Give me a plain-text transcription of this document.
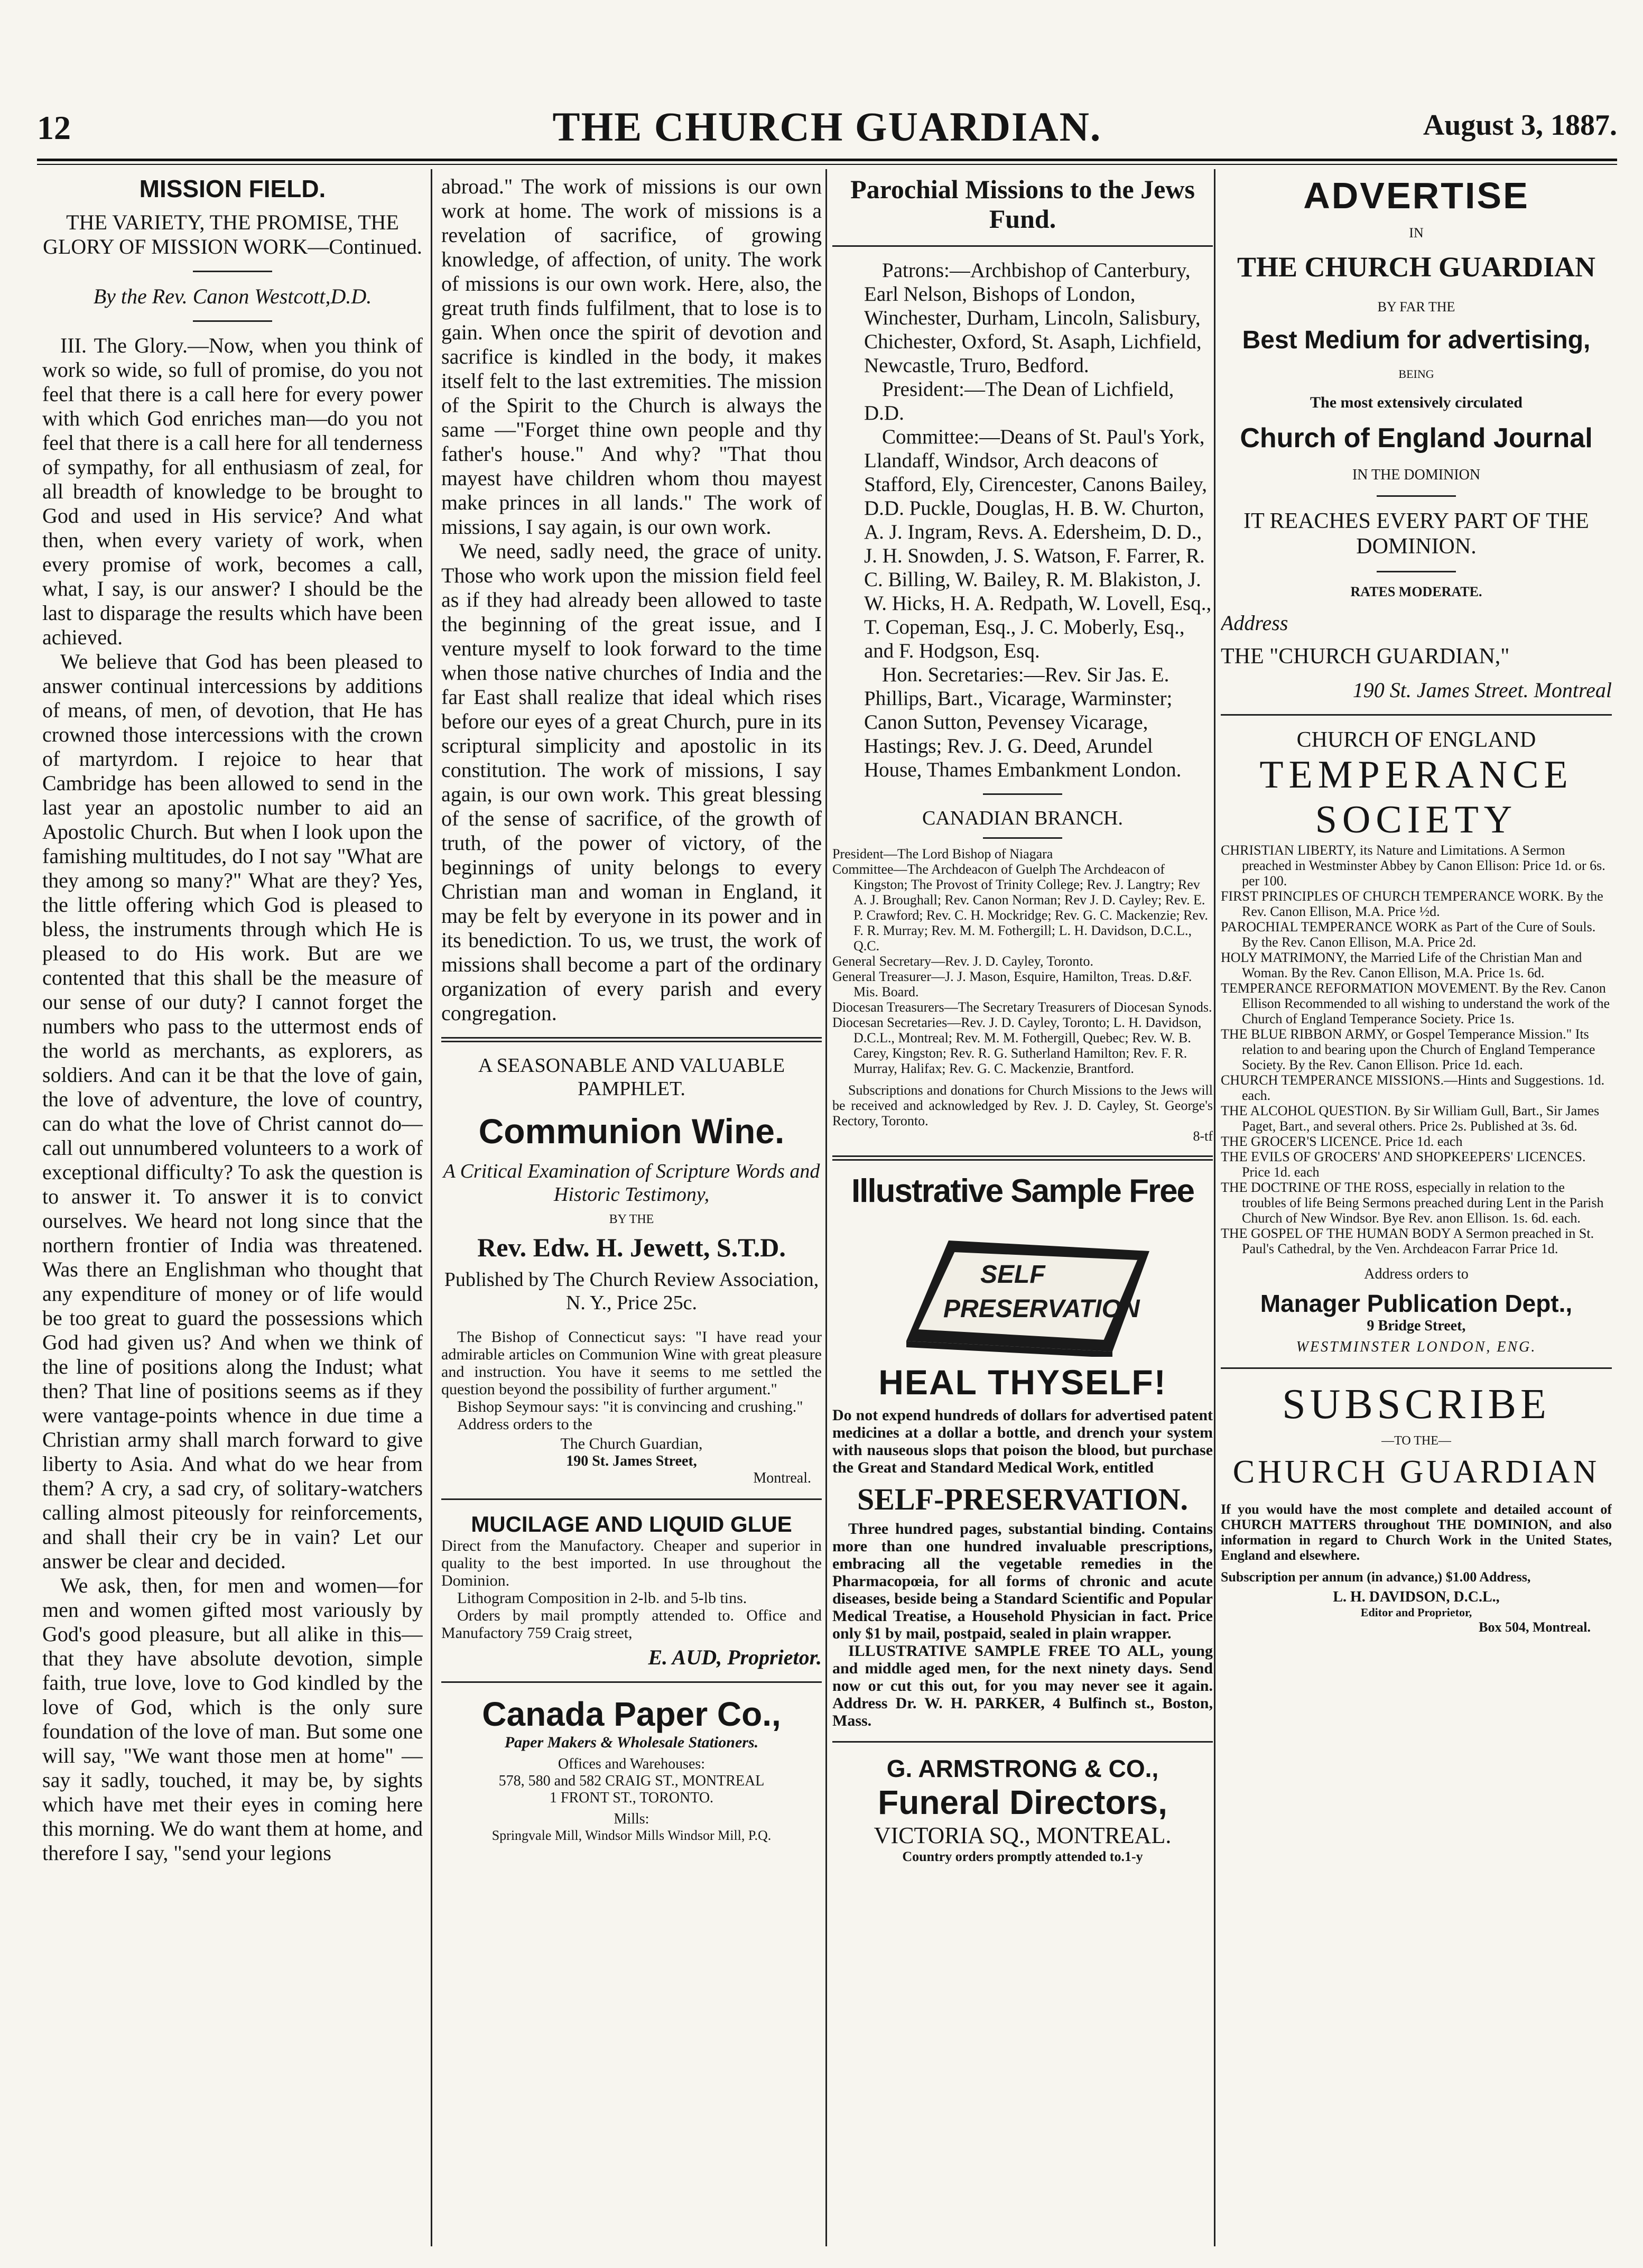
12	THE CHURCH GUARDIAN.	August 3, 1887.
MISSION FIELD.
THE VARIETY, THE PROMISE, THE GLORY OF MISSION WORK—Continued.
By the Rev. Canon Westcott,D.D.

III. The Glory.—Now, when you think of work so wide, so full of promise, do you not feel that there is a call here for every power with which God enriches man—do you not feel that there is a call here for all tenderness of sympathy, for all enthusiasm of zeal, for all breadth of knowledge to be brought to God and used in His service? And what then, when every variety of work, when every promise of work, becomes a call, what, I say, is our answer? I should be the last to disparage the results which have been achieved.

We believe that God has been pleased to answer continual intercessions by additions of means, of men, of devotion, that He has crowned those intercessions with the crown of martyrdom. I rejoice to hear that Cambridge has been allowed to send in the last year an apostolic number to aid an Apostolic Church. But when I look upon the famishing multitudes, do I not say "What are they among so many?" What are they? Yes, the little offering which God is pleased to bless, the instruments through which He is pleased to do His work. But are we contented that this shall be the measure of our sense of our duty? I cannot forget the numbers who pass to the uttermost ends of the world as merchants, as explorers, as soldiers. And can it be that the love of gain, the love of adventure, the love of country, can do what the love of Christ cannot do—call out unnumbered volunteers to a work of exceptional difficulty? To ask the question is to answer it. To answer it is to convict ourselves. We heard not long since that the northern frontier of India was threatened. Was there an Englishman who thought that any expenditure of money or of life would be too great to guard the possessions which God had given us? And when we think of the line of positions along the Indust; what then? That line of positions seems as if they were vantage-points whence in due time a Christian army shall march forward to give liberty to Asia. And what do we hear from them? A cry, a sad cry, of solitary-watchers calling almost piteously for reinforcements, and shall their cry be in vain? Let our answer be clear and decided.

We ask, then, for men and women—for men and women gifted most variously by God's good pleasure, but all alike in this—that they have absolute devotion, simple faith, true love, love to God kindled by the love of God, which is the only sure foundation of the love of man. But some one will say, "We want those men at home" —say it sadly, touched, it may be, by sights which have met their eyes in coming here this morning. We do want them at home, and therefore I say, "send your legions

abroad." The work of missions is our own work at home. The work of missions is a revelation of sacrifice, of growing knowledge, of affection, of unity. The work of missions is our own work. Here, also, the great truth finds fulfilment, that to lose is to gain. When once the spirit of devotion and sacrifice is kindled in the body, it makes itself felt to the last extremities. The mission of the Spirit to the Church is always the same —"Forget thine own people and thy father's house." And why? "That thou mayest have children whom thou mayest make princes in all lands." The work of missions, I say again, is our own work.

We need, sadly need, the grace of unity. Those who work upon the mission field feel as if they had already been allowed to taste the beginning of the great issue, and I venture myself to look forward to the time when those native churches of India and the far East shall realize that ideal which rises before our eyes of a great Church, pure in its scriptural simplicity and apostolic in its constitution. The work of missions, I say again, is our own work. This great blessing of the sense of sacrifice, of the growth of truth, of the power of victory, of the beginnings of unity belongs to every Christian man and woman in England, it may be felt by everyone in its power and in its benediction. To us, we trust, the work of missions shall become a part of the ordinary organization of every parish and every congregation.

A SEASONABLE AND VALUABLE PAMPHLET.
Communion Wine.
A Critical Examination of Scripture Words and Historic Testimony,
BY THE
Rev. Edw. H. Jewett, S.T.D.
Published by The Church Review Association, N. Y., Price 25c.

The Bishop of Connecticut says: "I have read your admirable articles on Communion Wine with great pleasure and instruction. You have it seems to me settled the question beyond the possibility of further argument."

Bishop Seymour says: "it is convincing and crushing."

Address orders to the

The Church Guardian,
190 St. James Street,
Montreal.
MUCILAGE AND LIQUID GLUE

Direct from the Manufactory. Cheaper and superior in quality to the best imported. In use throughout the Dominion.

Lithogram Composition in 2-lb. and 5-lb tins.

Orders by mail promptly attended to. Office and Manufactory 759 Craig street,

E. AUD, Proprietor.
Canada Paper Co.,
Paper Makers & Wholesale Stationers.
Offices and Warehouses:
578, 580 and 582 CRAIG ST., MONTREAL
1 FRONT ST., TORONTO.
Mills:
Springvale Mill, Windsor Mills Windsor Mill, P.Q.
Parochial Missions to the Jews Fund.

Patrons:—Archbishop of Canterbury, Earl Nelson, Bishops of London, Winchester, Durham, Lincoln, Salisbury, Chichester, Oxford, St. Asaph, Lichfield, Newcastle, Truro, Bedford.

President:—The Dean of Lichfield, D.D.

Committee:—Deans of St. Paul's York, Llandaff, Windsor, Arch deacons of Stafford, Ely, Cirencester, Canons Bailey, D.D. Puckle, Douglas, H. B. W. Churton, A. J. Ingram, Revs. A. Edersheim, D. D., J. H. Snowden, J. S. Watson, F. Farrer, R. C. Billing, W. Bailey, R. M. Blakiston, J. W. Hicks, H. A. Redpath, W. Lovell, Esq., T. Copeman, Esq., J. C. Moberly, Esq., and F. Hodgson, Esq.

Hon. Secretaries:—Rev. Sir Jas. E. Phillips, Bart., Vicarage, Warminster; Canon Sutton, Pevensey Vicarage, Hastings; Rev. J. G. Deed, Arundel House, Thames Embankment London.

CANADIAN BRANCH.

President—The Lord Bishop of Niagara

Committee—The Archdeacon of Guelph The Archdeacon of Kingston; The Provost of Trinity College; Rev. J. Langtry; Rev A. J. Broughall; Rev. Canon Norman; Rev J. D. Cayley; Rev. E. P. Crawford; Rev. C. H. Mockridge; Rev. G. C. Mackenzie; Rev. F. R. Murray; Rev. M. M. Fothergill; L. H. Davidson, D.C.L., Q.C.

General Secretary—Rev. J. D. Cayley, Toronto.

General Treasurer—J. J. Mason, Esquire, Hamilton, Treas. D.&F. Mis. Board.

Diocesan Treasurers—The Secretary Treasurers of Diocesan Synods.

Diocesan Secretaries—Rev. J. D. Cayley, Toronto; L. H. Davidson, D.C.L., Montreal; Rev. M. M. Fothergill, Quebec; Rev. W. B. Carey, Kingston; Rev. R. G. Sutherland Hamilton; Rev. F. R. Murray, Halifax; Rev. G. C. Mackenzie, Brantford.

Subscriptions and donations for Church Missions to the Jews will be received and acknowledged by Rev. J. D. Cayley, St. George's Rectory, Toronto.

8-tf
Illustrative Sample Free
SELF
PRESERVATION
HEAL THYSELF!

Do not expend hundreds of dollars for advertised patent medicines at a dollar a bottle, and drench your system with nauseous slops that poison the blood, but purchase the Great and Standard Medical Work, entitled

SELF-PRESERVATION.

Three hundred pages, substantial binding. Contains more than one hundred invaluable prescriptions, embracing all the vegetable remedies in the Pharmacopœia, for all forms of chronic and acute diseases, beside being a Standard Scientific and Popular Medical Treatise, a Household Physician in fact. Price only $1 by mail, postpaid, sealed in plain wrapper.

ILLUSTRATIVE SAMPLE FREE TO ALL, young and middle aged men, for the next ninety days. Send now or cut this out, for you may never see it again. Address Dr. W. H. PARKER, 4 Bulfinch st., Boston, Mass.

G. ARMSTRONG & CO.,
Funeral Directors,
VICTORIA SQ., MONTREAL.
Country orders promptly attended to.1-y
ADVERTISE
IN
THE CHURCH GUARDIAN
BY FAR THE
Best Medium for advertising,
BEING
The most extensively circulated
Church of England Journal
IN THE DOMINION
IT REACHES EVERY PART OF THE DOMINION.
RATES MODERATE.
Address
THE "CHURCH GUARDIAN,"
190 St. James Street. Montreal
CHURCH OF ENGLAND
TEMPERANCE SOCIETY

CHRISTIAN LIBERTY, its Nature and Limitations. A Sermon preached in Westminster Abbey by Canon Ellison: Price 1d. or 6s. per 100.

FIRST PRINCIPLES OF CHURCH TEMPERANCE WORK. By the Rev. Canon Ellison, M.A. Price ½d.

PAROCHIAL TEMPERANCE WORK as Part of the Cure of Souls. By the Rev. Canon Ellison, M.A. Price 2d.

HOLY MATRIMONY, the Married Life of the Christian Man and Woman. By the Rev. Canon Ellison, M.A. Price 1s. 6d.

TEMPERANCE REFORMATION MOVEMENT. By the Rev. Canon Ellison Recommended to all wishing to understand the work of the Church of England Temperance Society. Price 1s.

THE BLUE RIBBON ARMY, or Gospel Temperance Mission." Its relation to and bearing upon the Church of England Temperance Society. By the Rev. Canon Ellison. Price 1d. each.

CHURCH TEMPERANCE MISSIONS.—Hints and Suggestions. 1d. each.

THE ALCOHOL QUESTION. By Sir William Gull, Bart., Sir James Paget, Bart., and several others. Price 2s. Published at 3s. 6d.

THE GROCER'S LICENCE. Price 1d. each

THE EVILS OF GROCERS' AND SHOPKEEPERS' LICENCES. Price 1d. each

THE DOCTRINE OF THE ROSS, especially in relation to the troubles of life Being Sermons preached during Lent in the Parish Church of New Windsor. Bye Rev. anon Ellison. 1s. 6d. each.

THE GOSPEL OF THE HUMAN BODY A Sermon preached in St. Paul's Cathedral, by the Ven. Archdeacon Farrar Price 1d.

Address orders to
Manager Publication Dept.,
9 Bridge Street,
WESTMINSTER LONDON, ENG.
SUBSCRIBE
—TO THE—
CHURCH GUARDIAN

If you would have the most complete and detailed account of CHURCH MATTERS throughout THE DOMINION, and also information in regard to Church Work in the United States, England and elsewhere.

Subscription per annum (in advance,) $1.00 Address,

L. H. DAVIDSON, D.C.L.,
Editor and Proprietor,
Box 504, Montreal.
